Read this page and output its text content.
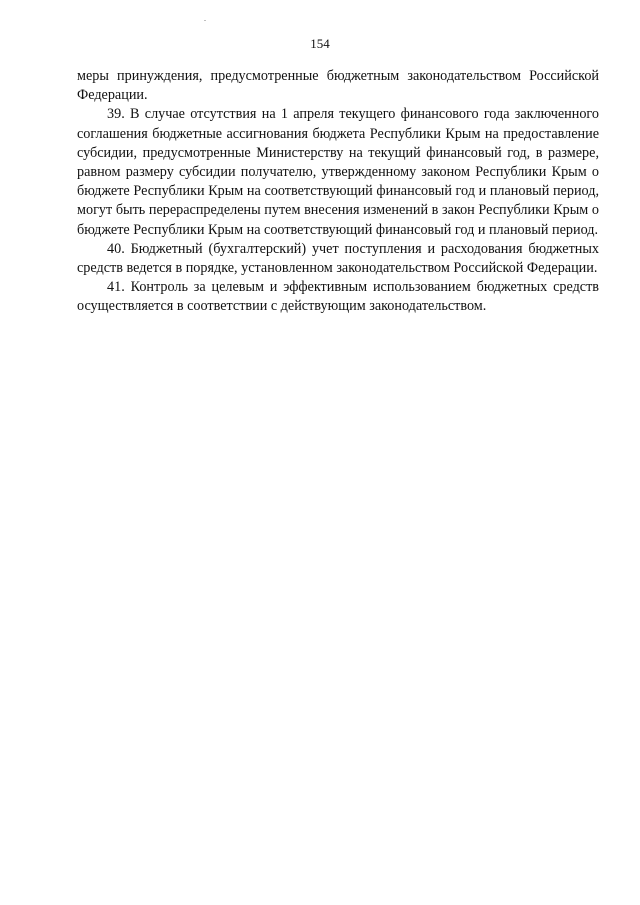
154

меры принуждения, предусмотренные бюджетным законодательством Российской Федерации.

39. В случае отсутствия на 1 апреля текущего финансового года заключенного соглашения бюджетные ассигнования бюджета Республики Крым на предоставление субсидии, предусмотренные Министерству на текущий финансовый год, в размере, равном размеру субсидии получателю, утвержденному законом Республики Крым о бюджете Республики Крым на соответствующий финансовый год и плановый период, могут быть перераспределены путем внесения изменений в закон Республики Крым о бюджете Республики Крым на соответствующий финансовый год и плановый период.

40. Бюджетный (бухгалтерский) учет поступления и расходования бюджетных средств ведется в порядке, установленном законодательством Российской Федерации.

41. Контроль за целевым и эффективным использованием бюджетных средств осуществляется в соответствии с действующим законодательством.
